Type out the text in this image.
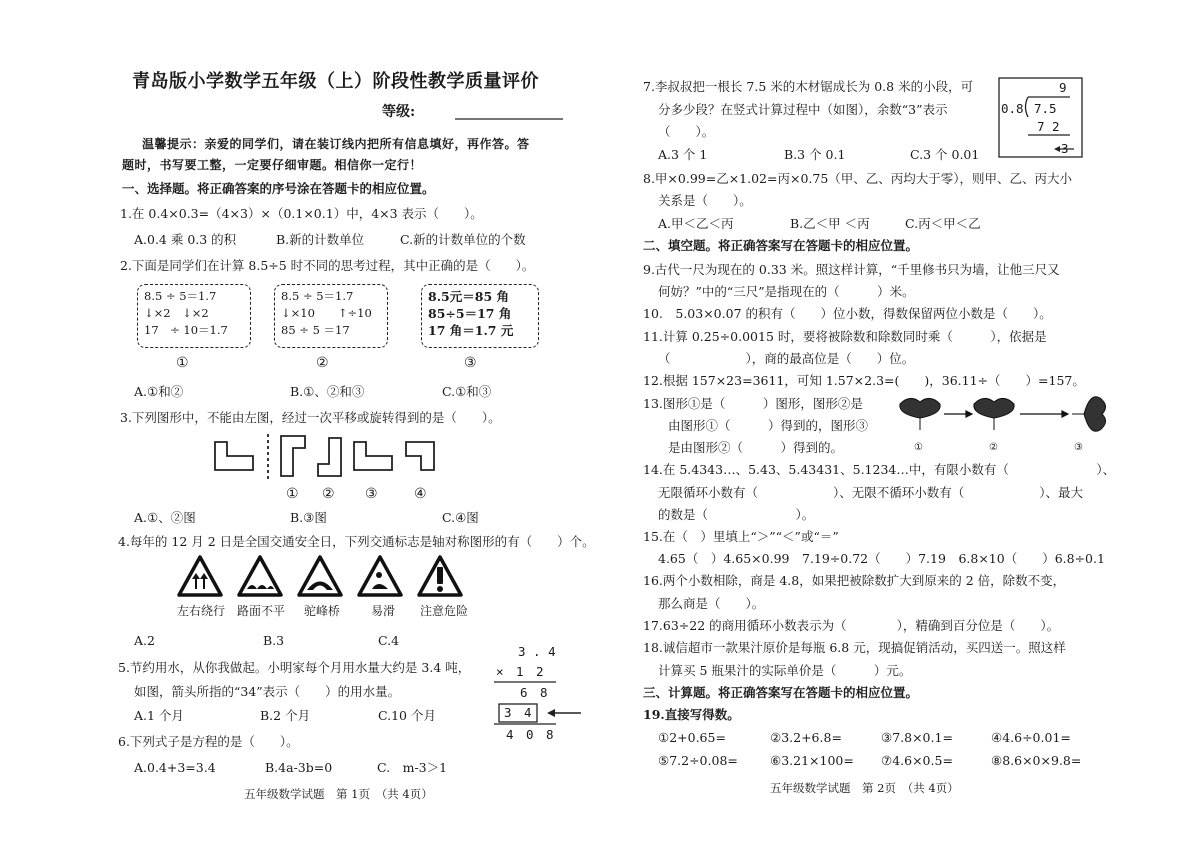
青岛版小学数学五年级（上）阶段性教学质量评价
等级:
温馨提示：亲爱的同学们，请在装订线内把所有信息填好，再作答。答
题时，书写要工整，一定要仔细审题。相信你一定行！
一、选择题。将正确答案的序号涂在答题卡的相应位置。
1.在 0.4×0.3=（4×3）×（0.1×0.1）中，4×3 表示（　　）。
A.0.4 乘 0.3 的积	B.新的计数单位	C.新的计数单位的个数
2.下面是同学们在计算 8.5÷5 时不同的思考过程，其中正确的是（　　）。
8.5 ÷ 5＝1.7
↓×2　↓×2
17　÷ 10＝1.7
8.5 ÷ 5＝1.7
↓×10　　↑÷10
85 ÷ 5 ＝17
8.5元＝85 角
85÷5＝17 角
17 角＝1.7 元
①	②	③
A.①和②	B.①、②和③	C.①和③
3.下列图形中，不能由左图，经过一次平移或旋转得到的是（　　）。
① ② ③	④
A.①、②图	B.③图	C.④图
4.每年的 12 月 2 日是全国交通安全日，下列交通标志是轴对称图形的有（　　）个。
左右绕行 路面不平 驼峰桥	易滑 注意危险
A.2	B.3	C.4
5.节约用水，从你我做起。小明家每个月用水量大约是 3.4 吨，
如图，箭头所指的“34”表示（　　）的用水量。
A.1 个月	B.2 个月	C.10 个月
3 . 4
×　1　2
6　8
3　4
4　0　8
6.下列式子是方程的是（　　）。
A.0.4+3=3.4	B.4a-3b=0	C.　m-3＞1
五年级数学试题　第 1页　（共 4页）
7.李叔叔把一根长 7.5 米的木材锯成长为 0.8 米的小段，可
分多少段？在竖式计算过程中（如图），余数“3”表示
（　　）。
A.3 个 1	B.3 个 0.1	C.3 个 0.01
9
0.8 7.5
7 2
3
8.甲×0.99=乙×1.02=丙×0.75（甲、乙、丙均大于零），则甲、乙、丙大小
关系是（　　）。
A.甲＜乙＜丙	B.乙＜甲 ＜丙	C.丙＜甲＜乙
二、填空题。将正确答案写在答题卡的相应位置。
9.古代一尺为现在的 0.33 米。照这样计算，“千里修书只为墙，让他三尺又
何妨？”中的“三尺”是指现在的（　　　）米。
10.　5.03×0.07 的积有（　　）位小数，得数保留两位小数是（　　）。
11.计算 0.25÷0.0015 时，要将被除数和除数同时乘（　　　），依据是
（　　　　　　），商的最高位是（　　）位。
12.根据 157×23=3611，可知 1.57×2.3=(　　)，36.11÷（　　）=157。
13.图形①是（　　　）图形，图形②是
由图形①（　　　）得到的，图形③
是由图形②（　　　）得到的。	①	②	③
14.在 5.4343…、5.43、5.43431、5.1234…中，有限小数有（　　　　　　　）、
无限循环小数有（　　　　　　）、无限不循环小数有（　　　　　　）、最大
的数是（　　　　　　　）。
15.在（　）里填上“＞”“＜”或“＝”
4.65（　）4.65×0.99　7.19÷0.72（　　）7.19　6.8×10（　　）6.8÷0.1
16.两个小数相除，商是 4.8，如果把被除数扩大到原来的 2 倍，除数不变，
那么商是（　　）。
17.63÷22 的商用循环小数表示为（　　　　），精确到百分位是（　　）。
18.诚信超市一款果汁原价是每瓶 6.8 元，现搞促销活动，买四送一。照这样
计算买 5 瓶果汁的实际单价是（　　　）元。
三、计算题。将正确答案写在答题卡的相应位置。
19.直接写得数。
①2+0.65=	②3.2+6.8=	③7.8×0.1=	④4.6÷0.01=
⑤7.2÷0.08=	⑥3.21×100= ⑦4.6×0.5=	⑧8.6×0×9.8=
五年级数学试题　第 2页　（共 4页）
